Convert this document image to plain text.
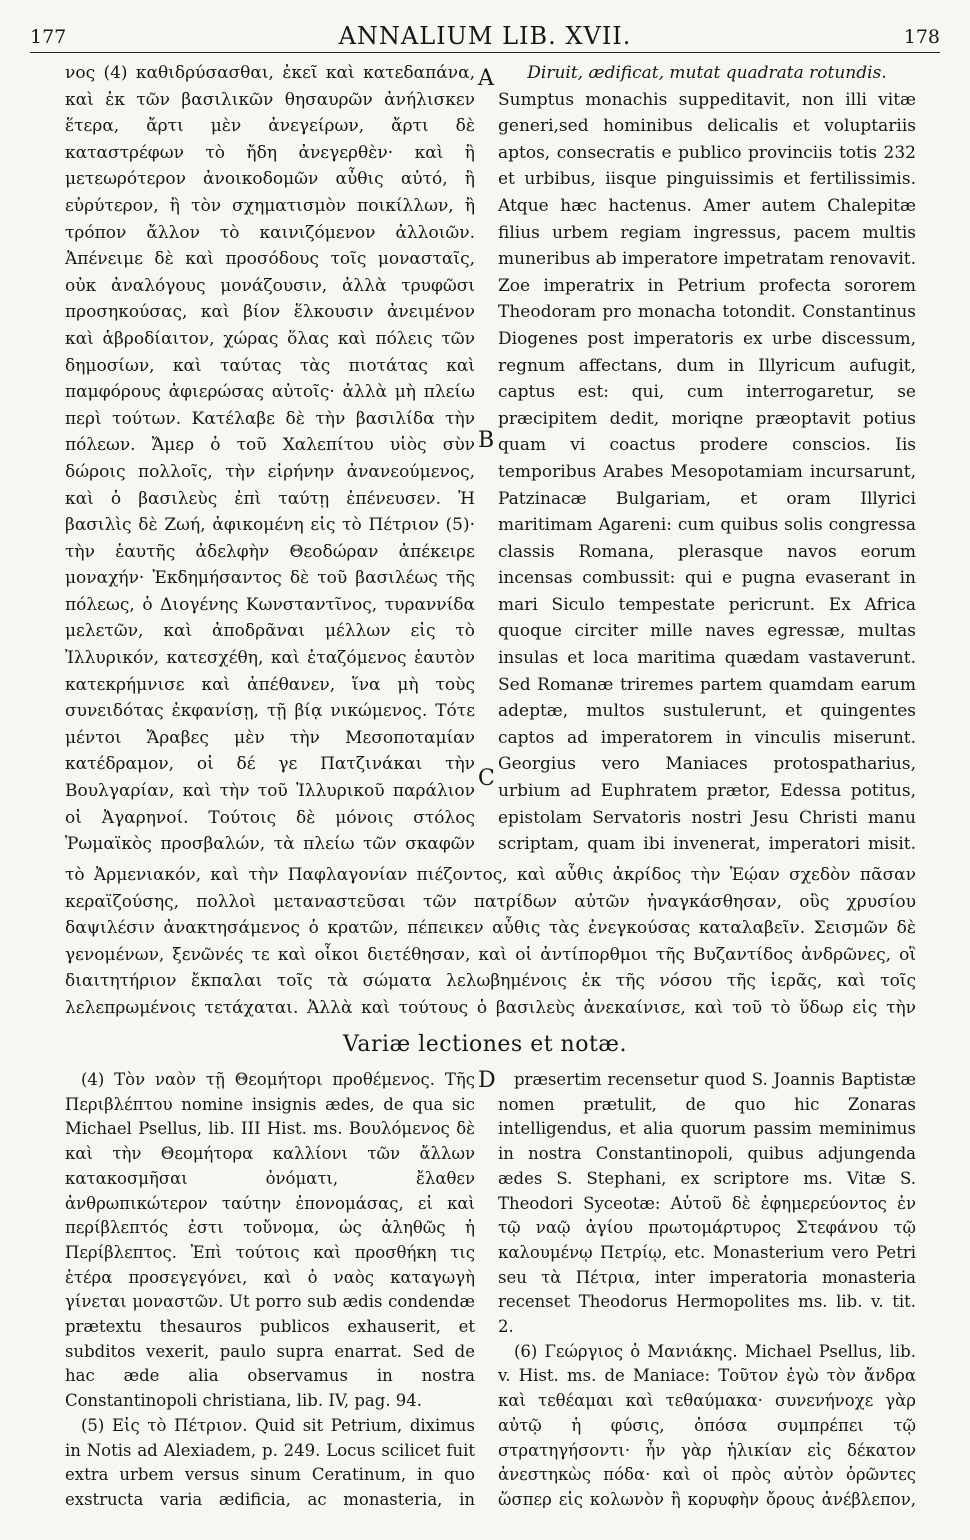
177	ANNALIUM LIB. XVII.	178

νος (4) καθιδρύσασθαι, ἐκεῖ καὶ κατεδαπάνα, καὶ ἐκ τῶν βασιλικῶν θησαυρῶν ἀνήλισκεν ἕτερα, ἄρτι μὲν ἀνεγείρων, ἄρτι δὲ καταστρέφων τὸ ἤδη ἀνεγερθὲν· καὶ ἢ μετεωρότερον ἀνοικοδομῶν αὖθις αὐτό, ἢ εὐρύτερον, ἢ τὸν σχηματισμὸν ποικίλλων, ἢ τρόπον ἄλλον τὸ καινιζόμενον ἀλλοιῶν. Ἀπένειμε δὲ καὶ προσόδους τοῖς μονασταῖς, οὐκ ἀναλόγους μονάζουσιν, ἀλλὰ τρυφῶσι προσηκούσας, καὶ βίον ἕλκουσιν ἀνειμένον καὶ ἁβροδίαιτον, χώρας ὅλας καὶ πόλεις τῶν δημοσίων, καὶ ταύτας τὰς πιοτάτας καὶ παμφόρους ἀφιερώσας αὐτοῖς· ἀλλὰ μὴ πλείω περὶ τούτων. Κατέλαβε δὲ τὴν βασιλίδα τὴν πόλεων. Ἄμερ ὁ τοῦ Χαλεπίτου υἱὸς σὺν δώροις πολλοῖς, τὴν εἰρήνην ἀνανεούμενος, καὶ ὁ βασιλεὺς ἐπὶ ταύτῃ ἐπένευσεν. Ἡ βασιλὶς δὲ Ζωή, ἀφικομένη εἰς τὸ Πέτριον (5)· τὴν ἑαυτῆς ἀδελφὴν Θεοδώραν ἀπέκειρε μοναχήν· Ἐκδημήσαντος δὲ τοῦ βασιλέως τῆς πόλεως, ὁ Διογένης Κωνσταντῖνος, τυραννίδα μελετῶν, καὶ ἀποδρᾶναι μέλλων εἰς τὸ Ἰλλυρικόν, κατεσχέθη, καὶ ἐταζόμενος ἑαυτὸν κατεκρήμνισε καὶ ἀπέθανεν, ἵνα μὴ τοὺς συνειδότας ἐκφανίσῃ, τῇ βίᾳ νικώμενος. Τότε μέντοι Ἄραβες μὲν τὴν Μεσοποταμίαν κατέδραμον, οἱ δέ γε Πατζινάκαι τὴν Βουλγαρίαν, καὶ τὴν τοῦ Ἰλλυρικοῦ παράλιον οἱ Ἀγαρηνοί. Τούτοις δὲ μόνοις στόλος Ῥωμαϊκὸς προσβαλών, τὰ πλείω τῶν σκαφῶν

Diruit, ædificat, mutat quadrata rotundis.

Sumptus monachis suppeditavit, non illi vitæ generi,sed hominibus delicalis et voluptariis aptos, consecratis e publico provinciis totis 232 et urbibus, iisque pinguissimis et fertilissimis. Atque hæc hactenus. Amer autem Chalepitæ filius urbem regiam ingressus, pacem multis muneribus ab imperatore impetratam renovavit. Zoe imperatrix in Petrium profecta sororem Theodoram pro monacha totondit. Constantinus Diogenes post imperatoris ex urbe discessum, regnum affectans, dum in Illyricum aufugit, captus est: qui, cum interrogaretur, se præcipitem dedit, moriqne præoptavit potius quam vi coactus prodere conscios. Iis temporibus Arabes Mesopotamiam incursarunt, Patzinacæ Bulgariam, et oram Illyrici maritimam Agareni: cum quibus solis congressa classis Romana, plerasque navos eorum incensas combussit: qui e pugna evaserant in mari Siculo tempestate pericrunt. Ex Africa quoque circiter mille naves egressæ, multas insulas et loca maritima quædam vastaverunt. Sed Romanæ triremes partem quamdam earum adeptæ, multos sustulerunt, et quingentes captos ad imperatorem in vinculis miserunt. Georgius vero Maniaces protospatharius, urbium ad Euphratem prætor, Edessa potitus, epistolam Servatoris nostri Jesu Christi manu scriptam, quam ibi invenerat, imperatori misit.

A
B
C

τὸ Ἀρμενιακόν, καὶ τὴν Παφλαγονίαν πιέζοντος, καὶ αὖθις ἀκρίδος τὴν Ἑῴαν σχεδὸν πᾶσαν κεραϊζούσης, πολλοὶ μεταναστεῦσαι τῶν πατρίδων αὐτῶν ἠναγκάσθησαν, οὓς χρυσίου δαψιλέσιν ἀνακτησάμενος ὁ κρατῶν, πέπεικεν αὖθις τὰς ἐνεγκούσας καταλαβεῖν. Σεισμῶν δὲ γενομένων, ξενῶνές τε καὶ οἶκοι διετέθησαν, καὶ οἱ ἀντίπορθμοι τῆς Βυζαντίδος ἀνδρῶνες, οἳ διαιτητήριον ἔκπαλαι τοῖς τὰ σώματα λελωβημένοις ἐκ τῆς νόσου τῆς ἱερᾶς, καὶ τοῖς λελεπρωμένοις τετάχαται. Ἀλλὰ καὶ τούτους ὁ βασιλεὺς ἀνεκαίνισε, καὶ τοῦ τὸ ὕδωρ εἰς τὴν

Variæ lectiones et notæ.
D

(4) Τὸν ναὸν τῇ Θεομήτορι προθέμενος. Τῆς Περιβλέπτου nomine insignis ædes, de qua sic Michael Psellus, lib. III Hist. ms. Βουλόμενος δὲ καὶ τὴν Θεομήτορα καλλίονι τῶν ἄλλων κατακοσμῆσαι ὀνόματι, ἔλαθεν ἀνθρωπικώτερον ταύτην ἐπονομάσας, εἰ καὶ περίβλεπτός ἐστι τοὔνομα, ὡς ἀληθῶς ἡ Περίβλεπτος. Ἐπὶ τούτοις καὶ προσθήκη τις ἑτέρα προσεγεγόνει, καὶ ὁ ναὸς καταγωγὴ γίνεται μοναστῶν. Ut porro sub ædis condendæ prætextu thesauros publicos exhauserit, et subditos vexerit, paulo supra enarrat. Sed de hac æde alia observamus in nostra Constantinopoli christiana, lib. IV, pag. 94.

(5) Εἰς τὸ Πέτριον. Quid sit Petrium, diximus in Notis ad Alexiadem, p. 249. Locus scilicet fuit extra urbem versus sinum Ceratinum, in quo exstructa varia ædificia, ac monasteria, in

præsertim recensetur quod S. Joannis Baptistæ nomen prætulit, de quo hic Zonaras intelligendus, et alia quorum passim meminimus in nostra Constantinopoli, quibus adjungenda ædes S. Stephani, ex scriptore ms. Vitæ S. Theodori Sycеotæ: Αὐτοῦ δὲ ἐφημερεύοντος ἐν τῷ ναῷ ἁγίου πρωτομάρτυρος Στεφάνου τῷ καλουμένῳ Πετρίῳ, etc. Monasterium vero Petri seu τὰ Πέτρια, inter imperatoria monasteria recenset Theodorus Hermopolites ms. lib. v. tit. 2.

(6) Γεώργιος ὁ Μανιάκης. Michael Psellus, lib. v. Hist. ms. de Maniace: Τοῦτον ἐγὼ τὸν ἄνδρα καὶ τεθέαμαι καὶ τεθαύμακα· συνενήνοχε γὰρ αὐτῷ ἡ φύσις, ὁπόσα συμπρέπει τῷ στρατηγήσοντι· ἦν γὰρ ἡλικίαν εἰς δέκατον ἀνεστηκὼς πόδα· καὶ οἱ πρὸς αὐτὸν ὁρῶντες ὥσπερ εἰς κολωνὸν ἢ κορυφὴν ὄρους ἀνέβλεπον,
